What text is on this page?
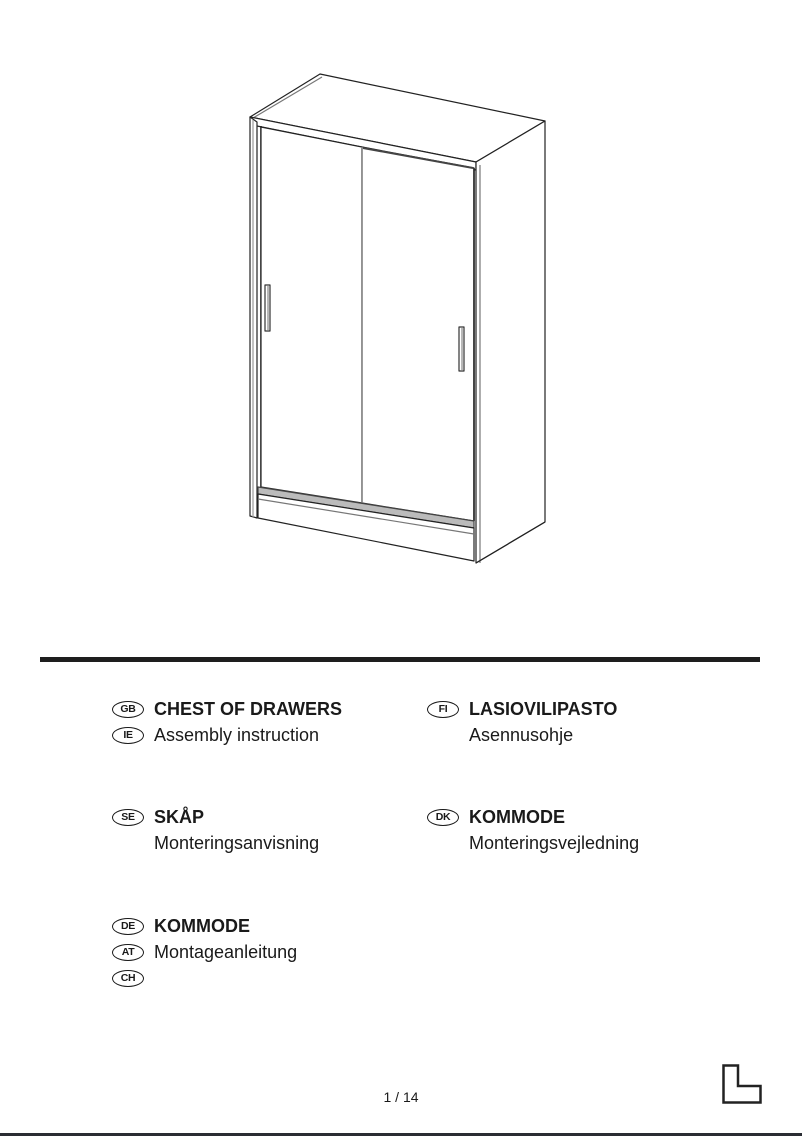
GB	CHEST OF DRAWERS
IE	Assembly instruction
FI	LASIOVILIPASTO
Asennusohje
SE	SKÅP
Monteringsanvisning
DK	KOMMODE
Monteringsvejledning
DE	KOMMODE
AT	Montageanleitung
CH
1 / 14
